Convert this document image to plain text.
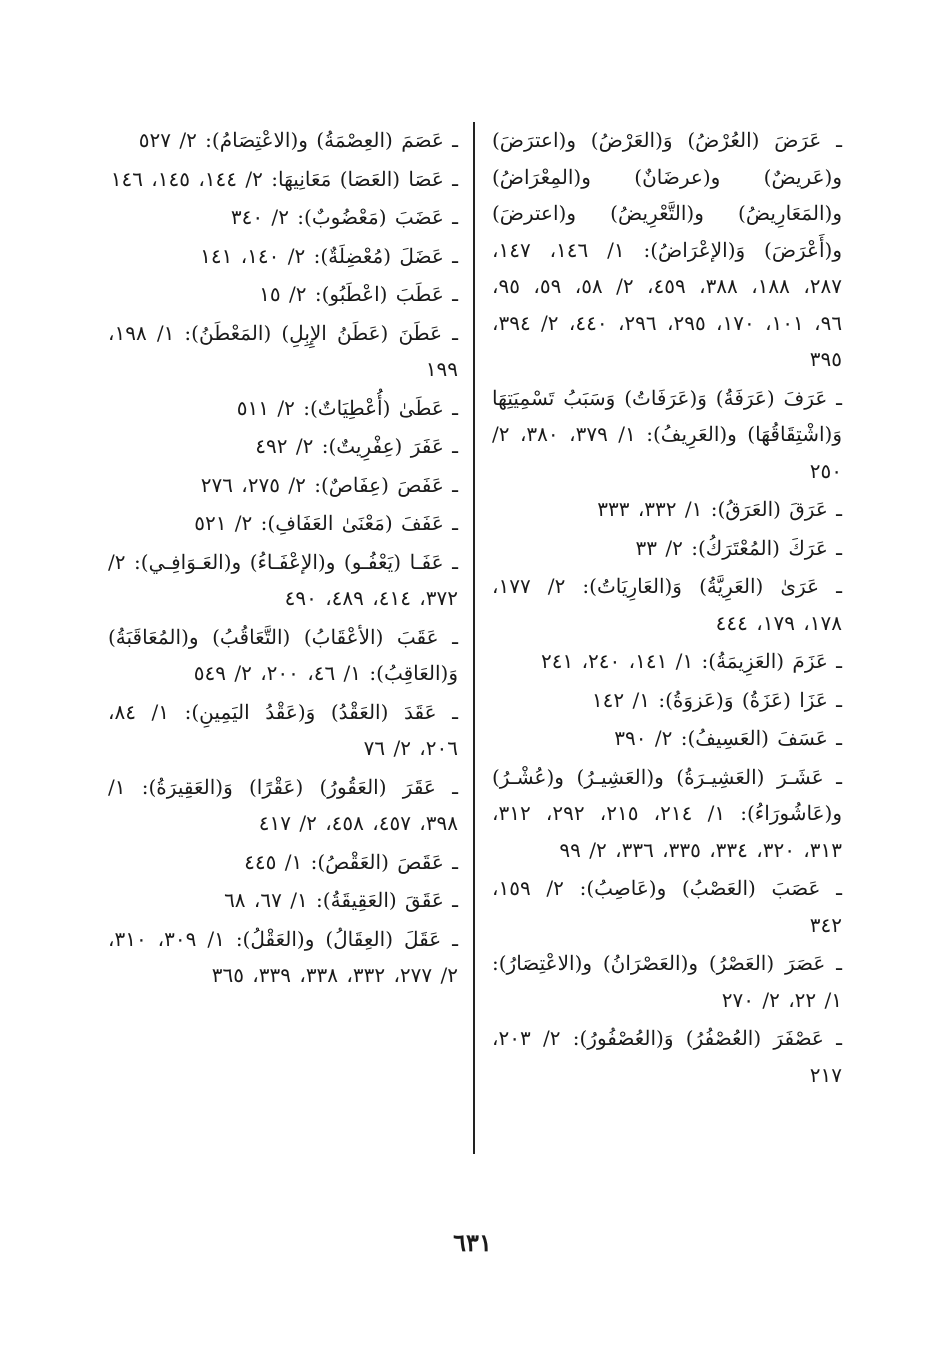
ـ عَرَضَ (العُرْضُ) وَ(العَرْضُ) و(اعترَضَ) و(عَريضٌ) و(عرضَانٌ) و(المِعْرَاضُ) و(المَعَارِيضُ) و(التَّعْرِيضُ) و(اعترضَ) و(أَعْرَضَ) وَ(الإعْرَاضُ): ١/ ١٤٦، ١٤٧، ٢٨٧، ١٨٨، ٣٨٨، ٤٥٩، ٢/ ٥٨، ٥٩، ٩٥، ٩٦، ١٠١، ١٧٠، ٢٩٥، ٢٩٦، ٤٤٠، ٢/ ٣٩٤، ٣٩٥

ـ عَرَفَ (عَرَفَةُ) وَ(عَرَفَاتُ) وَسَبَبُ تَسْمِيَتِهَا وَ(اشْتِقَاقُهَا) و(العَرِيفُ): ١/ ٣٧٩، ٣٨٠، ٢/ ٢٥٠

ـ عَرَقَ (العَرَقُ): ١/ ٣٣٢، ٣٣٣

ـ عَرَكَ (المُعْتَرَكُ): ٢/ ٣٣

ـ عَرَىٰ (العَرِيَّةُ) وَ(العَارِيَاتُ): ٢/ ١٧٧، ١٧٨، ١٧٩، ٤٤٤

ـ عَزَمَ (العَزِيمَةُ): ١/ ١٤١، ٢٤٠، ٢٤١

ـ عَزَا (عَزَةُ) وَ(عَزوَةُ): ١/ ١٤٢

ـ عَسَفَ (العَسِيفُ): ٢/ ٣٩٠

ـ عَشَـرَ (العَشِيـرَةُ) و(العَشِيـرُ) و(عُشْـرُ) و(عَاشُورَاءُ): ١/ ٢١٤، ٢١٥، ٢٩٢، ٣١٢، ٣١٣، ٣٢٠، ٣٣٤، ٣٣٥، ٣٣٦، ٢/ ٩٩

ـ عَصَبَ (العَصْبُ) و(عَاصِبُ): ٢/ ١٥٩، ٣٤٢

ـ عَصَرَ (العَصْرُ) و(العَصْرَانُ) و(الاعْتِصَارُ): ١/ ٢٢، ٢/ ٢٧٠

ـ عَصْفَرَ (العُصْفُرُ) وَ(العُصْفُورُ): ٢/ ٢٠٣، ٢١٧

ـ عَصَمَ (العِصْمَةُ) و(الاعْتِصَامُ): ٢/ ٥٢٧

ـ عَصَا (العَصَا) مَعَانِيهَا: ٢/ ١٤٤، ١٤٥، ١٤٦

ـ عَضَبَ (مَعْضُوبٌ): ٢/ ٣٤٠

ـ عَضَلَ (مُعْضِلَةٌ): ٢/ ١٤٠، ١٤١

ـ عَطَبَ (اعْطَبُو): ٢/ ١٥

ـ عَطَنَ (عَطَنُ الإِبِلِ) (المَعْطَنُ): ١/ ١٩٨، ١٩٩

ـ عَطَىٰ (أُعْطِيَاتٌ): ٢/ ٥١١

ـ عَفَرَ (عِفْرِيتٌ): ٢/ ٤٩٢

ـ عَفَصَ (عِفَاصٌ): ٢/ ٢٧٥، ٢٧٦

ـ عَفَفَ (مَعْنَىٰ العَفَافِ): ٢/ ٥٢١

ـ عَفَـا (يَعْفُـو) و(الإعْفَـاءُ) و(العَـوَافِـي): ٢/ ٣٧٢، ٤١٤، ٤٨٩، ٤٩٠

ـ عَقَبَ (الأعْقَابُ) (التَّعَاقُبُ) و(المُعَاقَبَةُ) وَ(العَاقِبُ): ١/ ٤٦، ٢٠٠، ٢/ ٥٤٩

ـ عَقَدَ (العَقْدُ) وَ(عَقْدُ اليَمِينِ): ١/ ٨٤، ٢٠٦، ٢/ ٧٦

ـ عَقَرَ (العَقُورُ) (عَقْرًا) وَ(العَقِيرَةُ): ١/ ٣٩٨، ٤٥٧، ٤٥٨، ٢/ ٤١٧

ـ عَقَصَ (العَقْصُ): ١/ ٤٤٥

ـ عَقَقَ (العَقِيقَةُ): ١/ ٦٧، ٦٨

ـ عَقَلَ (العِقَالُ) و(العَقْلُ): ١/ ٣٠٩، ٣١٠، ٢/ ٢٧٧، ٣٣٢، ٣٣٨، ٣٣٩، ٣٦٥

٦٣١
